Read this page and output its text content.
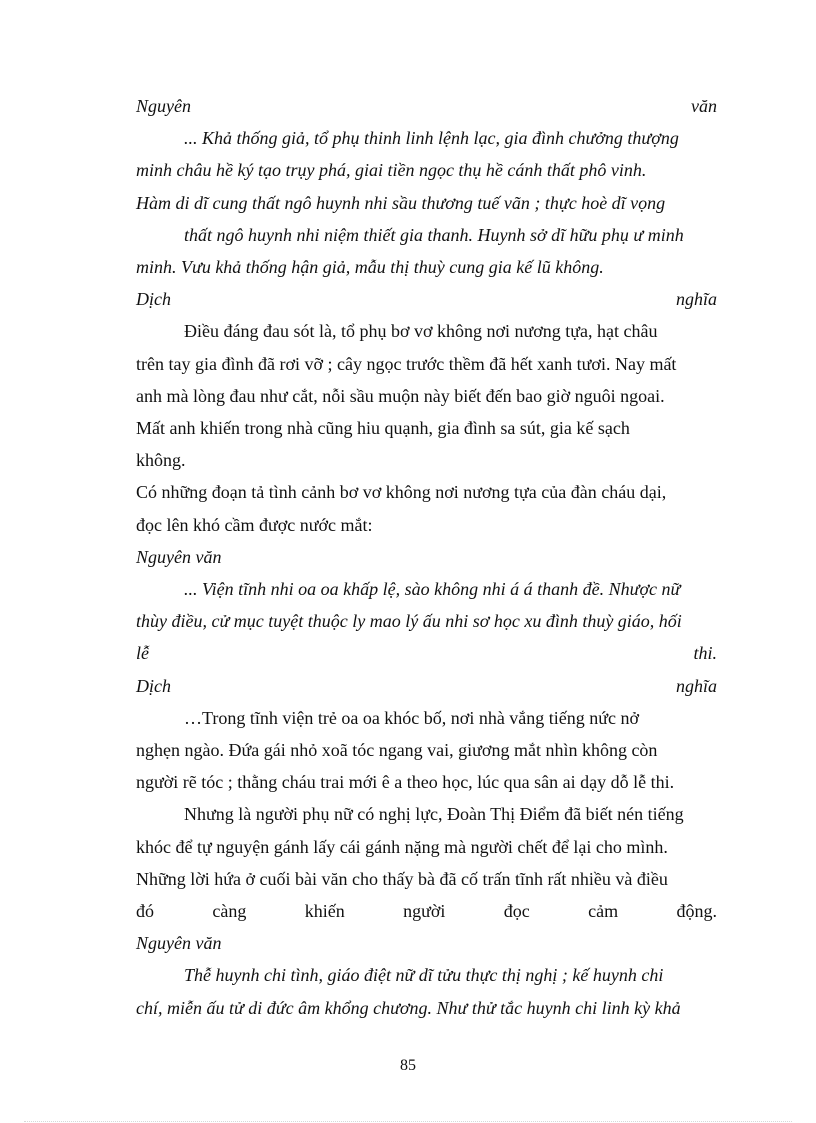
Nguyên	văn
... Khả thống giả, tổ phụ thinh linh lệnh lạc, gia đình chưởng thượng
minh châu hề ký tạo trụy phá, giai tiền ngọc thụ hề cánh thất phô vinh.
Hàm di dĩ cung thất ngô huynh nhi sầu thương tuế vãn ; thực hoè dĩ vọng
thất ngô huynh nhi niệm thiết gia thanh. Huynh sở dĩ hữu phụ ư minh
minh. Vưu khả thống hận giả, mẫu thị thuỳ cung gia kế lũ không.
Dịch	nghĩa
Điều đáng đau sót là, tổ phụ bơ vơ không nơi nương tựa, hạt châu
trên tay gia đình đã rơi vỡ ; cây ngọc trước thềm đã hết xanh tươi. Nay mất
anh mà lòng đau như cắt, nỗi sầu muộn này biết đến bao giờ nguôi ngoai.
Mất anh khiến trong nhà cũng hiu quạnh, gia đình sa sút, gia kế sạch
không.
Có những đoạn tả tình cảnh bơ vơ không nơi nương tựa của đàn cháu dại,
đọc lên khó cầm được nước mắt:
Nguyên văn
... Viện tĩnh nhi oa oa khấp lệ, sào không nhi á á thanh đề. Nhược nữ
thùy điều, cử mục tuyệt thuộc ly mao lý ấu nhi sơ học xu đình thuỳ giáo, hối
lễ	thi.
Dịch	nghĩa
…Trong tĩnh viện trẻ oa oa khóc bố, nơi nhà vắng tiếng nức nở
nghẹn ngào. Đứa gái nhỏ xoã tóc ngang vai, giương mắt nhìn không còn
người rẽ tóc ; thằng cháu trai mới ê a theo học, lúc qua sân ai dạy dỗ lễ thi.
Nhưng là người phụ nữ có nghị lực, Đoàn Thị Điểm đã biết nén tiếng
khóc để tự nguyện gánh lấy cái gánh nặng mà người chết để lại cho mình.
Những lời hứa ở cuối bài văn cho thấy bà đã cố trấn tĩnh rất nhiều và điều
đó	càng	khiến	người	đọc	cảm	động.
Nguyên văn
Thễ huynh chi tình, giáo điệt nữ dĩ tửu thực thị nghị ; kế huynh chi
chí, miễn ấu tử di đức âm khổng chương. Như thử tắc huynh chi linh kỳ khả
85
